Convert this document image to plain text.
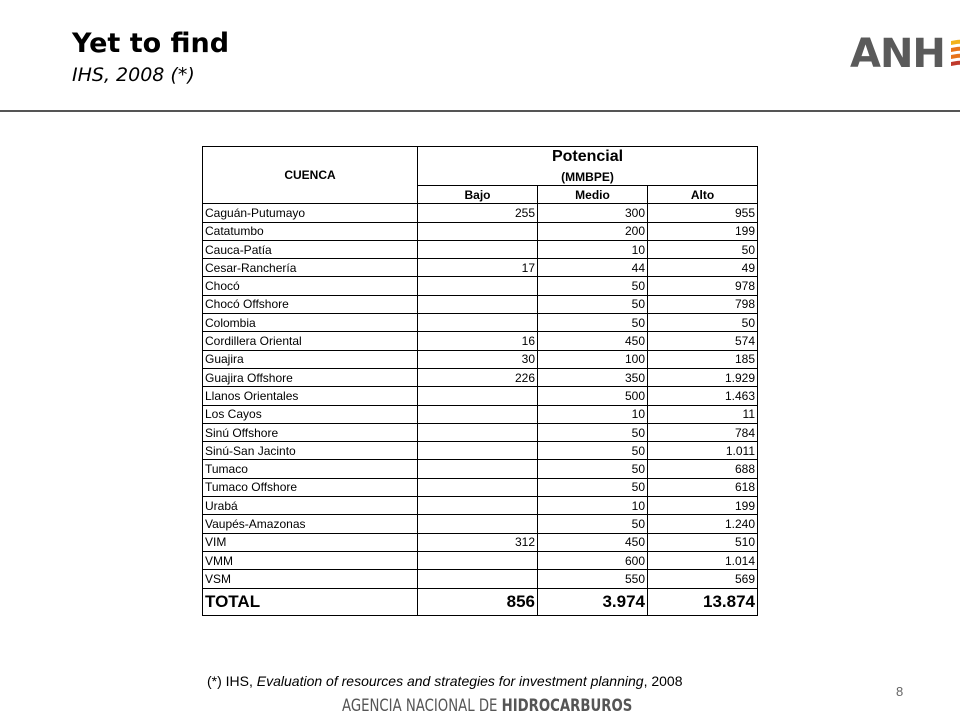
Yet to find
IHS, 2008 (*)	ANH
CUENCA	Potencial
(MMBPE)		

	Bajo	Medio	Alto
Caguán-Putumayo	255	300	955
Catatumbo		200	199
Cauca-Patía		10	50
Cesar-Ranchería	17	44	49
Chocó		50	978
Chocó Offshore		50	798
Colombia		50	50
Cordillera Oriental	16	450	574
Guajira	30	100	185
Guajira Offshore	226	350	1.929
Llanos Orientales		500	1.463
Los Cayos		10	11
Sinú Offshore		50	784
Sinú-San Jacinto		50	1.011
Tumaco		50	688
Tumaco Offshore		50	618
Urabá		10	199
Vaupés-Amazonas		50	1.240
VIM	312	450	510
VMM		600	1.014
VSM		550	569
TOTAL	856	3.974	13.874
(*) IHS, Evaluation of resources and strategies for investment planning, 2008
8
AGENCIA NACIONAL DE HIDROCARBUROS
